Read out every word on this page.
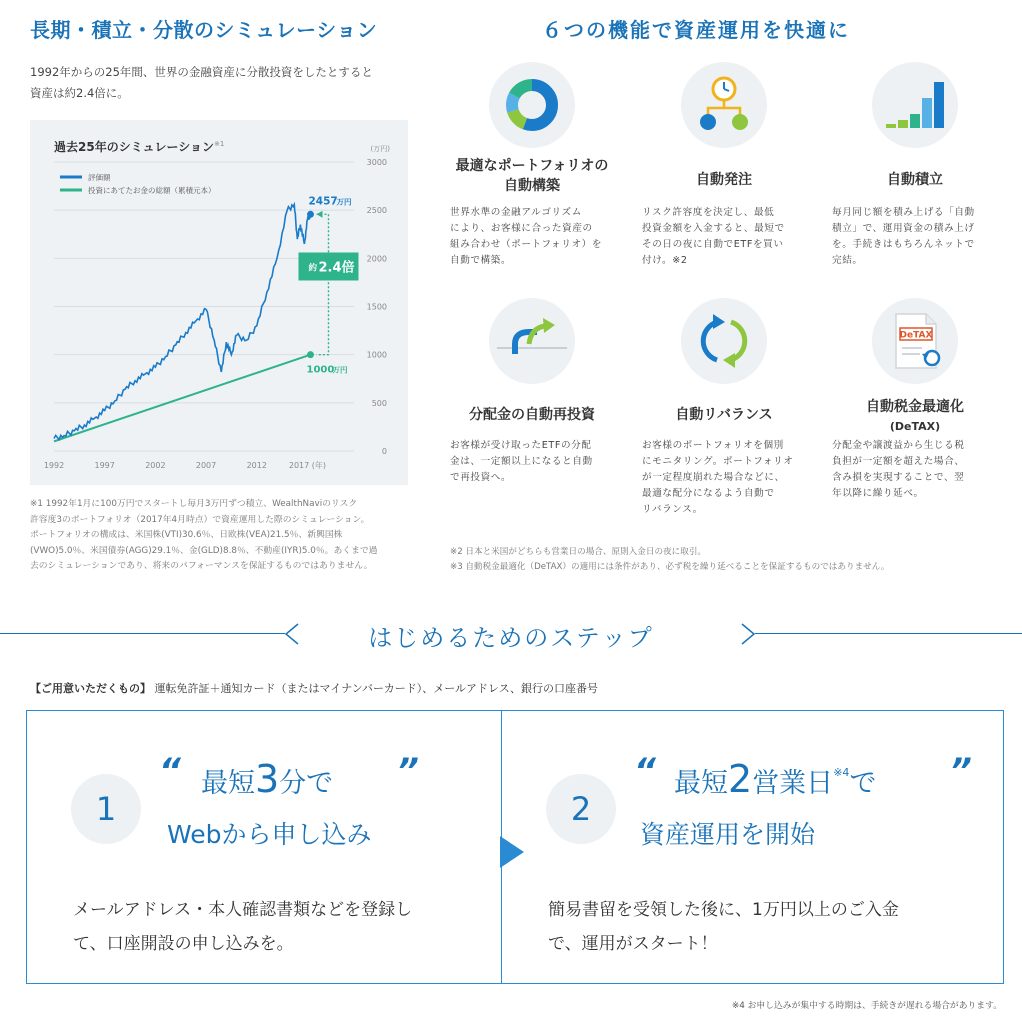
長期・積立・分散のシミュレーション
1992年からの25年間、世界の金融資産に分散投資をしたとすると
資産は約2.4倍に。
0
500
1000
1500
2000
2500
3000
(万円)
1992	1997	2002	2007	2012	2017 (年)
評価額
投資にあてたお金の総額（累積元本）
2457
万円
1000
万円
約 2.4倍
過去25年のシミュレーション$^{※1}$
※1 1992年1月に100万円でスタートし毎月3万円ずつ積立、WealthNaviのリスク
許容度3のポートフォリオ（2017年4月時点）で資産運用した際のシミュレーション。
ポートフォリオの構成は、米国株(VTI)30.6％、日欧株(VEA)21.5％、新興国株
(VWO)5.0％、米国債券(AGG)29.1％、金(GLD)8.8％、不動産(IYR)5.0％。あくまで過
去のシミュレーションであり、将来のパフォーマンスを保証するものではありません。
６つの機能で資産運用を快適に
最適なポートフォリオの
自動構築
世界水準の金融アルゴリズム
により、お客様に合った資産の
組み合わせ（ポートフォリオ）を
自動で構築。
自動発注
リスク許容度を決定し、最低
投資金額を入金すると、最短で
その日の夜に自動でETFを買い
付け。※2
自動積立
毎月同じ額を積み上げる「自動
積立」で、運用資金の積み上げ
を。手続きはもちろんネットで
完結。
分配金の自動再投資
お客様が受け取ったETFの分配
金は、一定額以上になると自動
で再投資へ。
自動リバランス
お客様のポートフォリオを個別
にモニタリング。ポートフォリオ
が一定程度崩れた場合などに、
最適な配分になるよう自動で
リバランス。
DeTAX
自動税金最適化
(DeTAX)
分配金や譲渡益から生じる税
負担が一定額を超えた場合、
含み損を実現することで、翌
年以降に繰り延べ。
※2 日本と米国がどちらも営業日の場合、原則入金日の夜に取引。
※3 自動税金最適化（DeTAX）の適用には条件があり、必ず税を繰り延べることを保証するものではありません。
はじめるためのステップ
【ご用意いただくもの】 運転免許証＋通知カード（またはマイナンバーカード）、メールアドレス、銀行の口座番号
1
“ 最短3分で ”
Webから申し込み
メールアドレス・本人確認書類などを登録し
て、口座開設の申し込みを。
2
“ 最短2営業日$^{※4}$で ”
資産運用を開始
簡易書留を受領した後に、1万円以上のご入金
で、運用がスタート！
※4 お申し込みが集中する時期は、手続きが遅れる場合があります。
